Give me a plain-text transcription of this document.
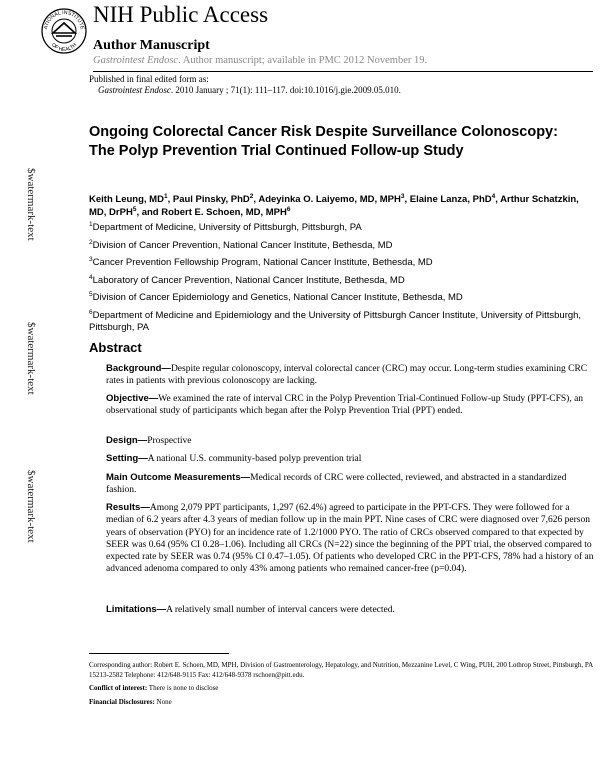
ATIONAL INSTITUTE
OF HEALTH
NIH Public Access
Author Manuscript
Gastrointest Endosc. Author manuscript; available in PMC 2012 November 19.
Published in final edited form as:
Gastrointest Endosc. 2010 January ; 71(1): 111–117. doi:10.1016/j.gie.2009.05.010.
$watermark-text
$watermark-text
$watermark-text
Ongoing Colorectal Cancer Risk Despite Surveillance Colonoscopy: The Polyp Prevention Trial Continued Follow-up Study
Keith Leung, $MD^1$, Paul Pinsky, PhD$^2$, Adeyinka O. Laiyemo, MD, MPH$^3$, Elaine Lanza, PhD$^4$, Arthur Schatzkin, MD, DrPH$^5$, and Robert E. Schoen, MD, MPH$^6$
$^1$Department of Medicine, University of Pittsburgh, Pittsburgh, PA
$^2$Division of Cancer Prevention, National Cancer Institute, Bethesda, MD
$^3$Cancer Prevention Fellowship Program, National Cancer Institute, Bethesda, MD
$^4$Laboratory of Cancer Prevention, National Cancer Institute, Bethesda, MD
$^5$Division of Cancer Epidemiology and Genetics, National Cancer Institute, Bethesda, MD
$^6$Department of Medicine and Epidemiology and the University of Pittsburgh Cancer Institute, University of Pittsburgh, Pittsburgh, PA
Abstract
Background—Despite regular colonoscopy, interval colorectal cancer (CRC) may occur. Long-term studies examining CRC rates in patients with previous colonoscopy are lacking.
Objective—We examined the rate of interval CRC in the Polyp Prevention Trial-Continued Follow-up Study (PPT-CFS), an observational study of participants which began after the Polyp Prevention Trial (PPT) ended.
Design—Prospective
Setting—A national U.S. community-based polyp prevention trial
Main Outcome Measurements—Medical records of CRC were collected, reviewed, and abstracted in a standardized fashion.
Results—Among 2,079 PPT participants, 1,297 (62.4%) agreed to participate in the PPT-CFS. They were followed for a median of 6.2 years after 4.3 years of median follow up in the main PPT. Nine cases of CRC were diagnosed over 7,626 person years of observation (PYO) for an incidence rate of 1.2/1000 PYO. The ratio of CRCs observed compared to that expected by SEER was 0.64 (95% CI 0.28–1.06). Including all CRCs (N=22) since the beginning of the PPT trial, the observed compared to expected rate by SEER was 0.74 (95% CI 0.47–1.05). Of patients who developed CRC in the PPT-CFS, 78% had a history of an advanced adenoma compared to only 43% among patients who remained cancer-free (p=0.04).
Limitations—A relatively small number of interval cancers were detected.
Corresponding author: Robert E. Schoen, MD, MPH, Division of Gastroenterology, Hepatology, and Nutrition, Mezzanine Level, C Wing, PUH, 200 Lothrop Street, Pittsburgh, PA 15213-2582 Telephone: 412/648-9115 Fax: 412/648-9378 rschoen@pitt.edu.
Conflict of interest: There is none to disclose
Financial Disclosures: None
